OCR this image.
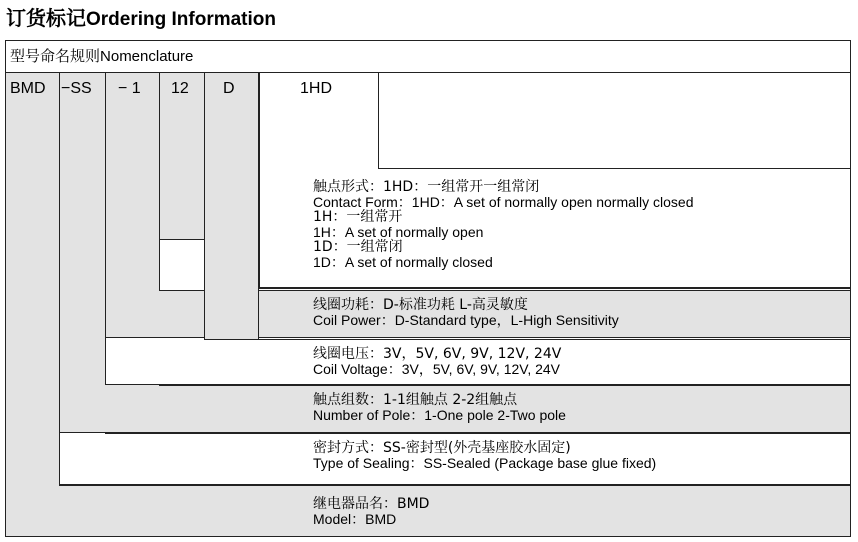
订货标记Ordering Information
型号命名规则Nomenclature
BMD −SS − 1 12 D	1HD
触点形式：1HD：一组常开一组常闭
Contact Form：1HD：A set of normally open normally closed
1H：一组常开
1H：A set of normally open
1D：一组常闭
1D：A set of normally closed
线圈功耗：D-标准功耗 L-高灵敏度
Coil Power：D-Standard type，L-High Sensitivity
线圈电压：3V，5V, 6V, 9V, 12V, 24V
Coil Voltage：3V，5V, 6V, 9V, 12V, 24V
触点组数：1-1组触点 2-2组触点
Number of Pole：1-One pole 2-Two pole
密封方式：SS-密封型(外壳基座胶水固定)
Type of Sealing：SS-Sealed (Package base glue fixed)
继电器品名：BMD
Model：BMD
